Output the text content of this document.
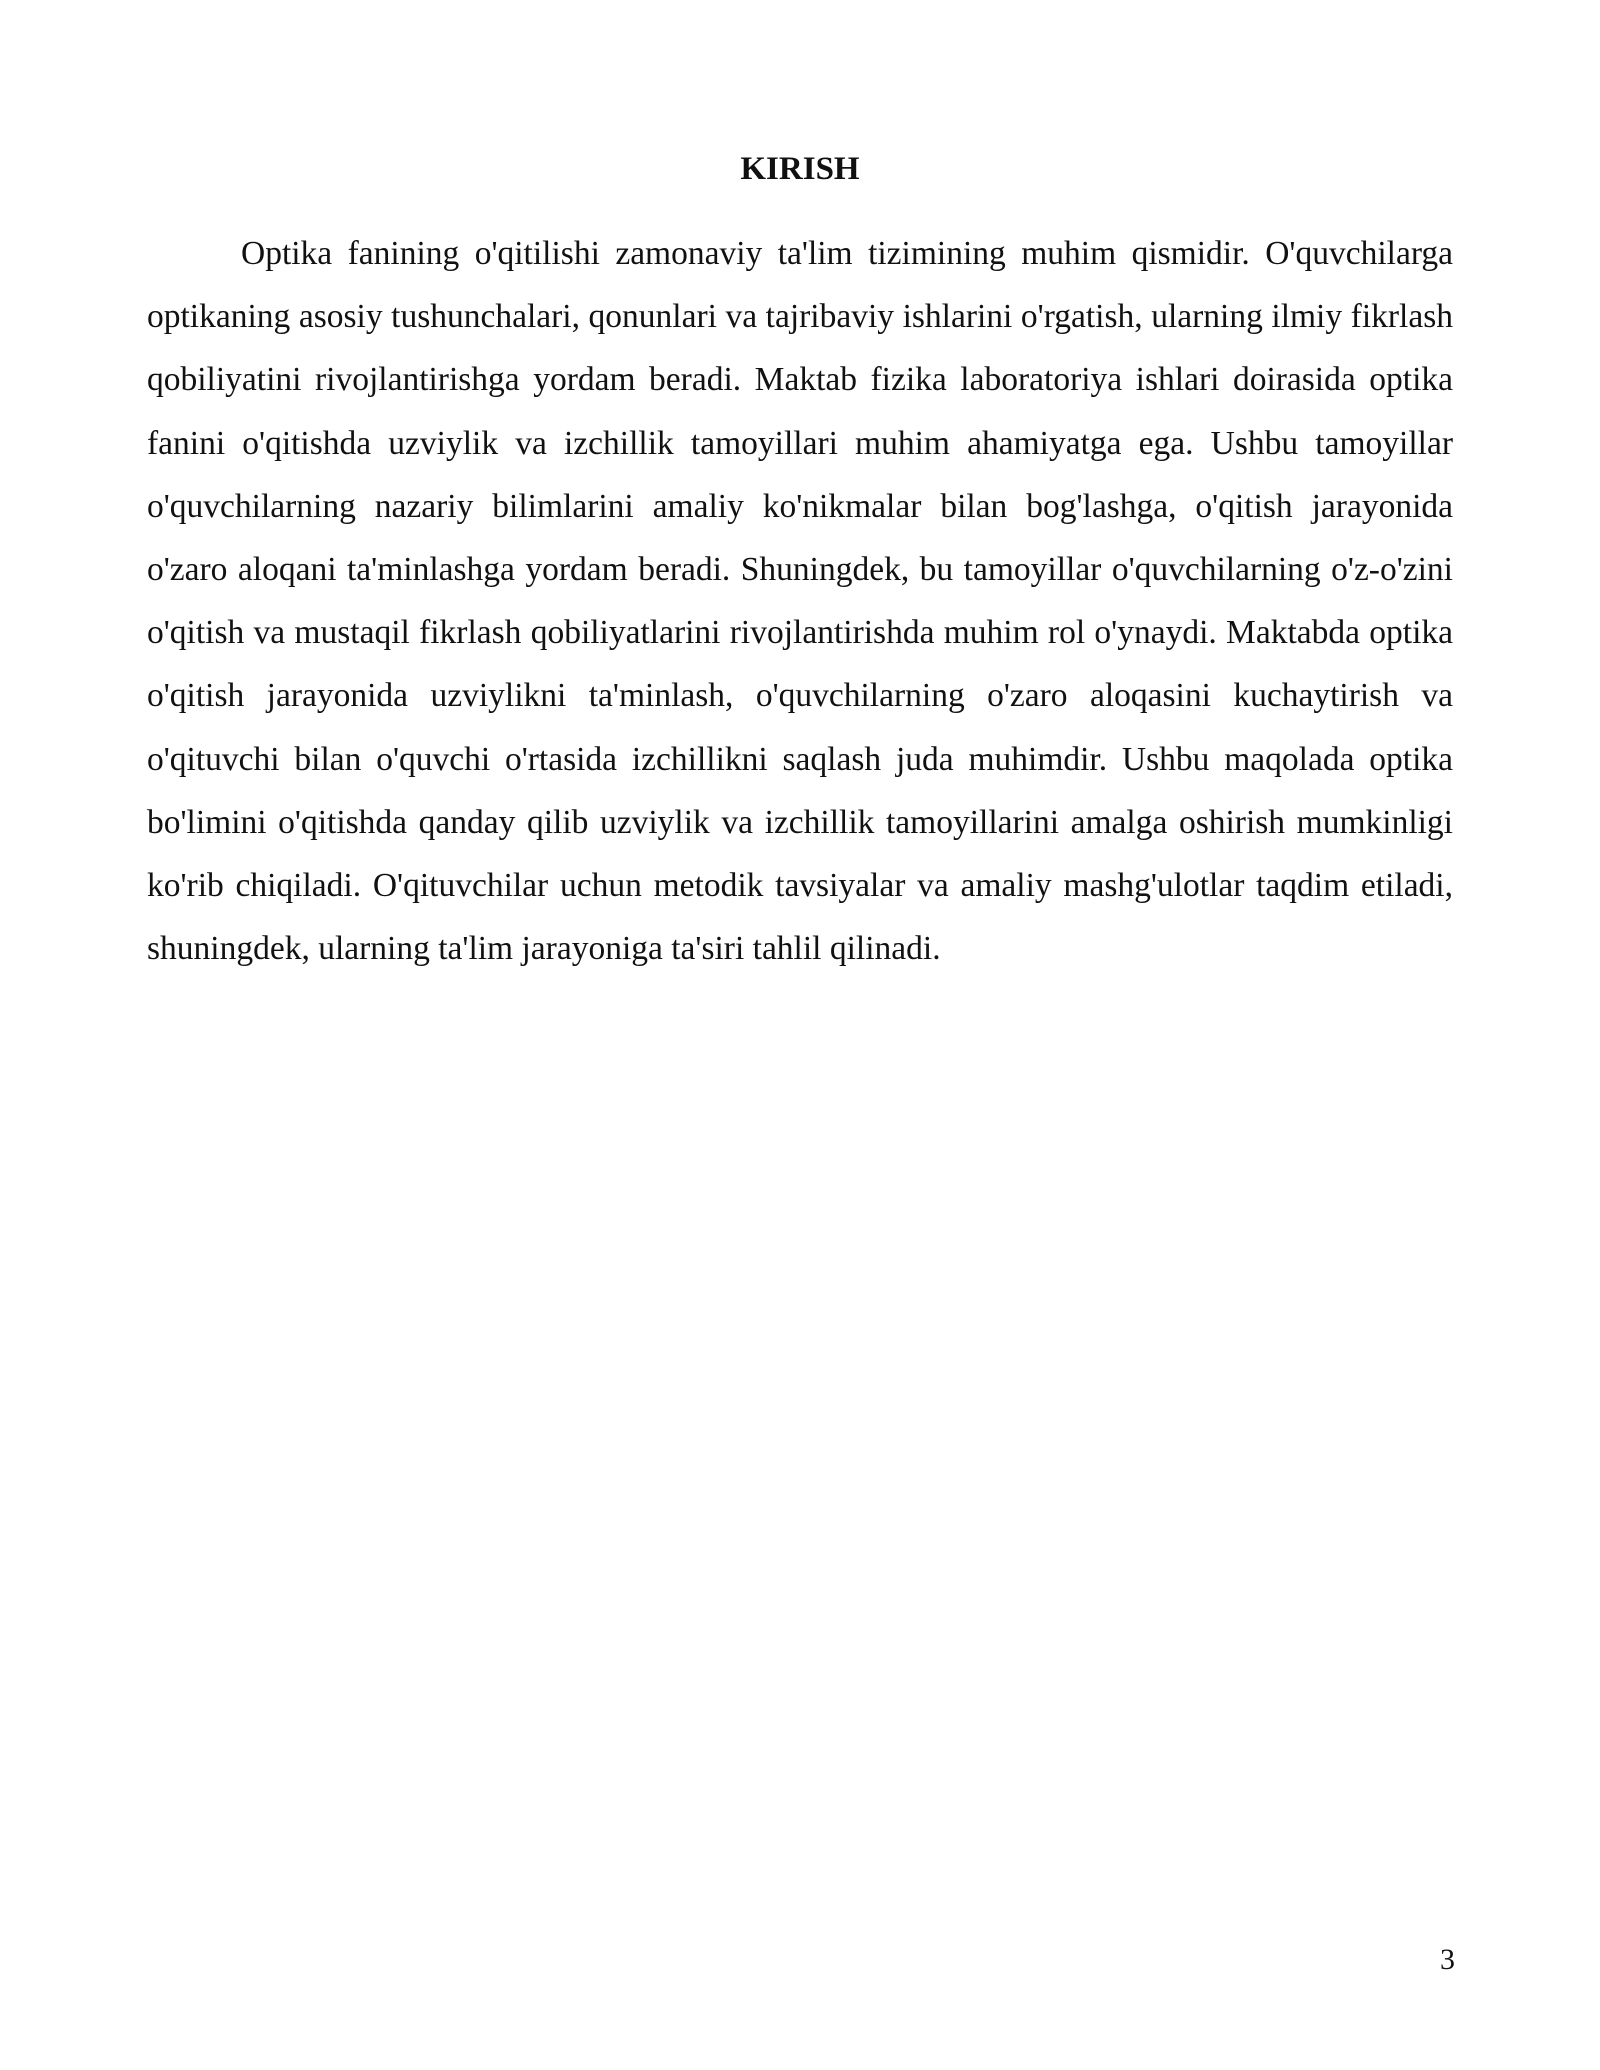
KIRISH

Optika fanining o'qitilishi zamonaviy ta'lim tizimining muhim qismidir. O'quvchilarga optikaning asosiy tushunchalari, qonunlari va tajribaviy ishlarini o'rgatish, ularning ilmiy fikrlash qobiliyatini rivojlantirishga yordam beradi. Maktab fizika laboratoriya ishlari doirasida optika fanini o'qitishda uzviylik va izchillik tamoyillari muhim ahamiyatga ega. Ushbu tamoyillar o'quvchilarning nazariy bilimlarini amaliy ko'nikmalar bilan bog'lashga, o'qitish jarayonida o'zaro aloqani ta'minlashga yordam beradi. Shuningdek, bu tamoyillar o'quvchilarning o'z-o'zini o'qitish va mustaqil fikrlash qobiliyatlarini rivojlantirishda muhim rol o'ynaydi. Maktabda optika o'qitish jarayonida uzviylikni ta'minlash, o'quvchilarning o'zaro aloqasini kuchaytirish va o'qituvchi bilan o'quvchi o'rtasida izchillikni saqlash juda muhimdir. Ushbu maqolada optika bo'limini o'qitishda qanday qilib uzviylik va izchillik tamoyillarini amalga oshirish mumkinligi ko'rib chiqiladi. O'qituvchilar uchun metodik tavsiyalar va amaliy mashg'ulotlar taqdim etiladi, shuningdek, ularning ta'lim jarayoniga ta'siri tahlil qilinadi.

3
